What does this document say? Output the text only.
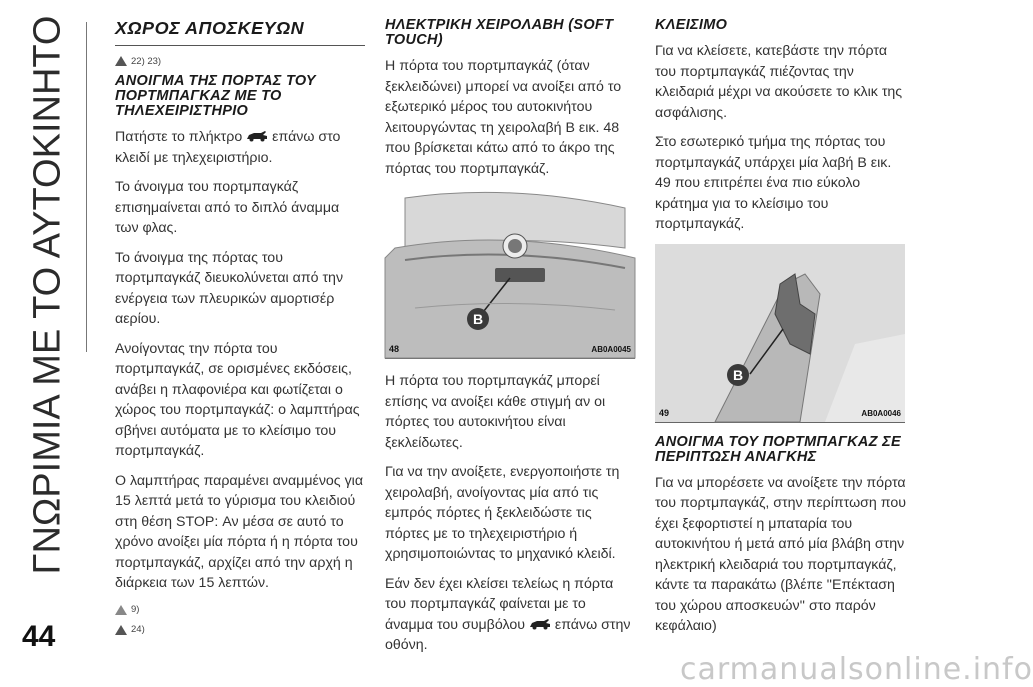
ΓΝΩΡΙΜΙΑ ΜΕ ΤΟ ΑΥΤΟΚΙΝΗΤΟ
44
ΧΩΡΟΣ ΑΠΟΣΚΕΥΩΝ
22) 23)
ΑΝΟΙΓΜΑ ΤΗΣ ΠΟΡΤΑΣ ΤΟΥ ΠΟΡΤΜΠΑΓΚΑΖ ΜΕ ΤΟ ΤΗΛΕΧΕΙΡΙΣΤΗΡΙΟ

Πατήστε το πλήκτρο επάνω στο κλειδί με τηλεχειριστήριο.

Το άνοιγμα του πορτμπαγκάζ επισημαίνεται από το διπλό άναμμα των φλας.

Το άνοιγμα της πόρτας του πορτμπαγκάζ διευκολύνεται από την ενέργεια των πλευρικών αμορτισέρ αερίου.

Ανοίγοντας την πόρτα του πορτμπαγκάζ, σε ορισμένες εκδόσεις, ανάβει η πλαφονιέρα και φωτίζεται ο χώρος του πορτμπαγκάζ: ο λαμπτήρας σβήνει αυτόματα με το κλείσιμο του πορτμπαγκάζ.

Ο λαμπτήρας παραμένει αναμμένος για 15 λεπτά μετά το γύρισμα του κλειδιού στη θέση STOP: Αν μέσα σε αυτό το χρόνο ανοίξει μία πόρτα ή η πόρτα του πορτμπαγκάζ, αρχίζει από την αρχή η διάρκεια των 15 λεπτών.

9)
24)
ΗΛΕΚΤΡΙΚΗ ΧΕΙΡΟΛΑΒΗ (SOFT TOUCH)

Η πόρτα του πορτμπαγκάζ (όταν ξεκλειδώνει) μπορεί να ανοίξει από το εξωτερικό μέρος του αυτοκινήτου λειτουργώντας τη χειρολαβή B εικ. 48 που βρίσκεται κάτω από το άκρο της πόρτας του πορτμπαγκάζ.

B
48	AB0A0045

Η πόρτα του πορτμπαγκάζ μπορεί επίσης να ανοίξει κάθε στιγμή αν οι πόρτες του αυτοκινήτου είναι ξεκλείδωτες.

Για να την ανοίξετε, ενεργοποιήστε τη χειρολαβή, ανοίγοντας μία από τις εμπρός πόρτες ή ξεκλειδώστε τις πόρτες με το τηλεχειριστήριο ή χρησιμοποιώντας το μηχανικό κλειδί.

Εάν δεν έχει κλείσει τελείως η πόρτα του πορτμπαγκάζ φαίνεται με το άναμμα του συμβόλου επάνω στην οθόνη.

ΚΛΕΙΣΙΜΟ

Για να κλείσετε, κατεβάστε την πόρτα του πορτμπαγκάζ πιέζοντας την κλειδαριά μέχρι να ακούσετε το κλικ της ασφάλισης.

Στο εσωτερικό τμήμα της πόρτας του πορτμπαγκάζ υπάρχει μία λαβή B εικ. 49 που επιτρέπει ένα πιο εύκολο κράτημα για το κλείσιμο του πορτμπαγκάζ.

B
49	AB0A0046
ΑΝΟΙΓΜΑ ΤΟΥ ΠΟΡΤΜΠΑΓΚΑΖ ΣΕ ΠΕΡΙΠΤΩΣΗ ΑΝΑΓΚΗΣ

Για να μπορέσετε να ανοίξετε την πόρτα του πορτμπαγκάζ, στην περίπτωση που έχει ξεφορτιστεί η μπαταρία του αυτοκινήτου ή μετά από μία βλάβη στην ηλεκτρική κλειδαριά του πορτμπαγκάζ, κάντε τα παρακάτω (βλέπε ''Επέκταση του χώρου αποσκευών'' στο παρόν κεφάλαιο)

carmanualsonline.info
